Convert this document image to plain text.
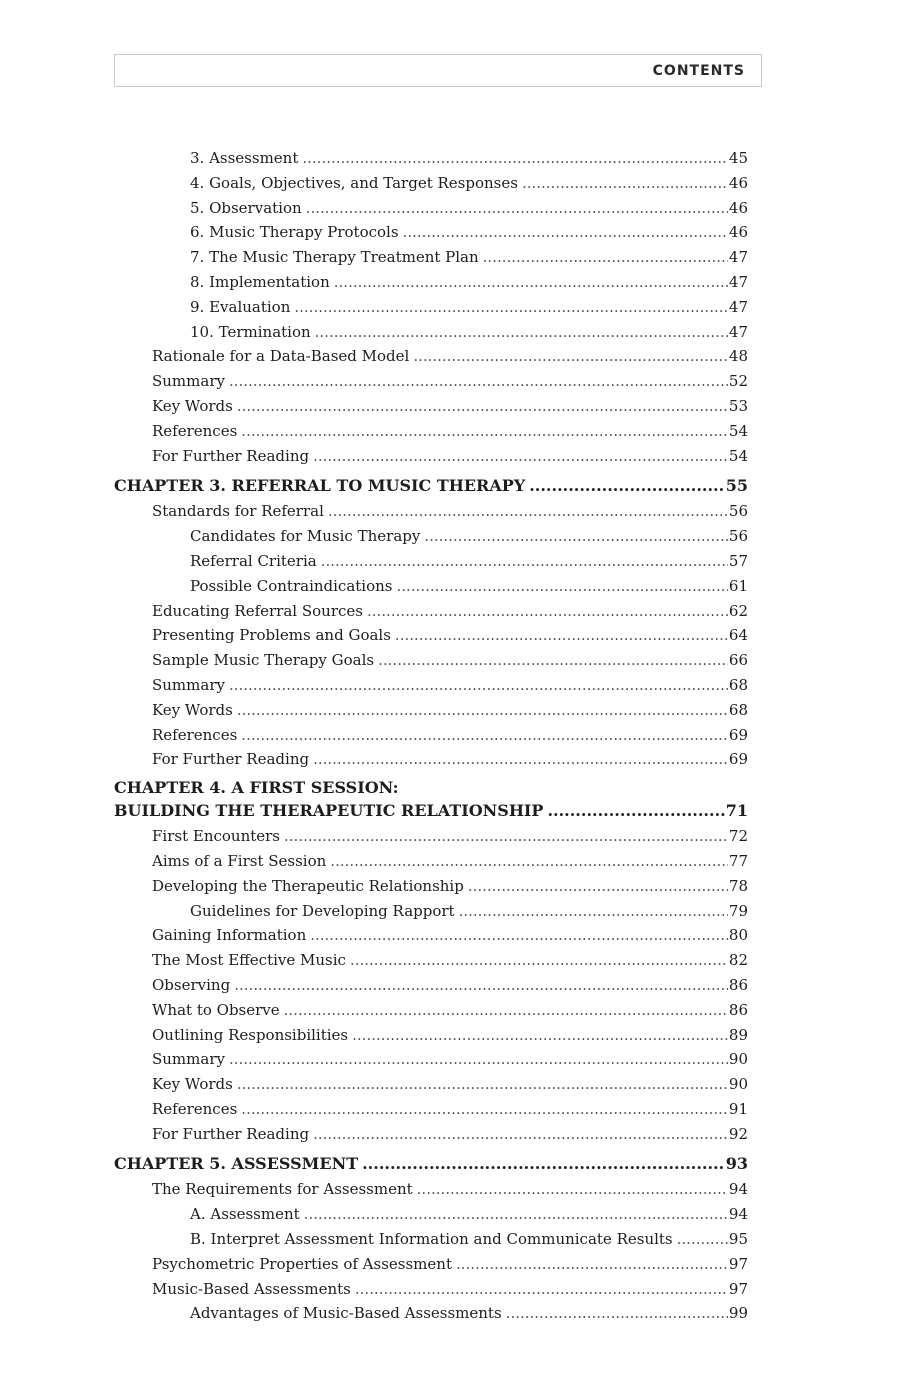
CONTENTS
3. Assessment .....	45
4. Goals, Objectives, and Target Responses .....	46
5. Observation .....	46
6. Music Therapy Protocols .....	46
7. The Music Therapy Treatment Plan .....	47
8. Implementation .....	47
9. Evaluation .....	47
10. Termination .....	47
Rationale for a Data-Based Model .....	48
Summary .....	52
Key Words .....	53
References .....	54
For Further Reading .....	54
CHAPTER 3. REFERRAL TO MUSIC THERAPY .....	55
Standards for Referral .....	56
Candidates for Music Therapy .....	56
Referral Criteria .....	57
Possible Contraindications .....	61
Educating Referral Sources .....	62
Presenting Problems and Goals .....	64
Sample Music Therapy Goals .....	66
Summary .....	68
Key Words .....	68
References .....	69
For Further Reading .....	69
CHAPTER 4. A FIRST SESSION:
BUILDING THE THERAPEUTIC RELATIONSHIP .....	71
First Encounters .....	72
Aims of a First Session .....	77
Developing the Therapeutic Relationship .....	78
Guidelines for Developing Rapport .....	79
Gaining Information .....	80
The Most Effective Music .....	82
Observing .....	86
What to Observe .....	86
Outlining Responsibilities .....	89
Summary .....	90
Key Words .....	90
References .....	91
For Further Reading .....	92
CHAPTER 5. ASSESSMENT .....	93
The Requirements for Assessment .....	94
A. Assessment .....	94
B. Interpret Assessment Information and Communicate Results .....	95
Psychometric Properties of Assessment .....	97
Music-Based Assessments .....	97
Advantages of Music-Based Assessments .....	99
